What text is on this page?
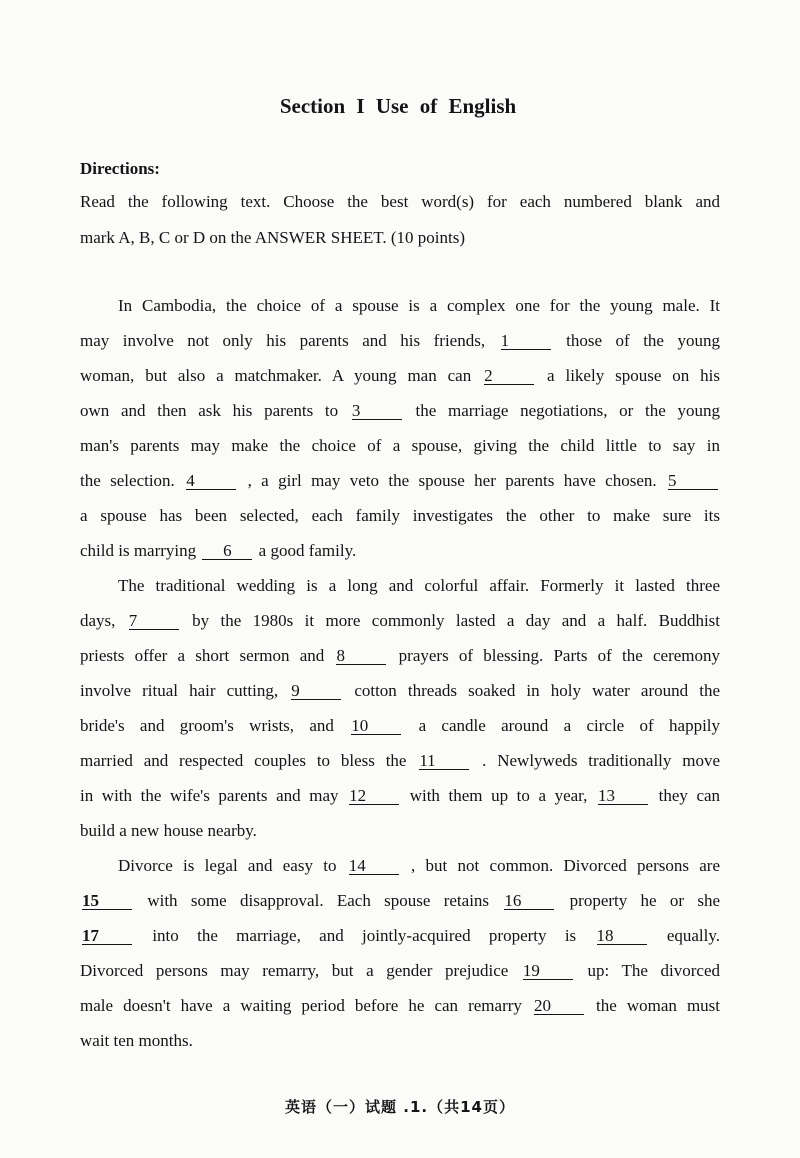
Section I Use of English
Directions:
Read the following text. Choose the best word(s) for each numbered blank and
mark A, B, C or D on the ANSWER SHEET. (10 points)
In Cambodia, the choice of a spouse is a complex one for the young male. It
may involve not only his parents and his friends, 1	those of the young
woman, but also a matchmaker. A young man can 2	a likely spouse on his
own and then ask his parents to 3	the marriage negotiations, or the young
man's parents may make the choice of a spouse, giving the child little to say in
the selection. 4	, a girl may veto the spouse her parents have chosen. 5
a spouse has been selected, each family investigates the other to make sure its
child is marrying 6 a good family.
The traditional wedding is a long and colorful affair. Formerly it lasted three
days, 7	by the 1980s it more commonly lasted a day and a half. Buddhist
priests offer a short sermon and 8	prayers of blessing. Parts of the ceremony
involve ritual hair cutting, 9	cotton threads soaked in holy water around the
bride's and groom's wrists, and 10	a candle around a circle of happily
married and respected couples to bless the 11	. Newlyweds traditionally move
in with the wife's parents and may 12	with them up to a year, 13	they can
build a new house nearby.
Divorce is legal and easy to 14	, but not common. Divorced persons are
15	with some disapproval. Each spouse retains 16	property he or she
17	into the marriage, and jointly-acquired property is 18	equally.
Divorced persons may remarry, but a gender prejudice 19	up: The divorced
male doesn't have a waiting period before he can remarry 20	the woman must
wait ten months.
英语（一）试题 .1.（共14页）
